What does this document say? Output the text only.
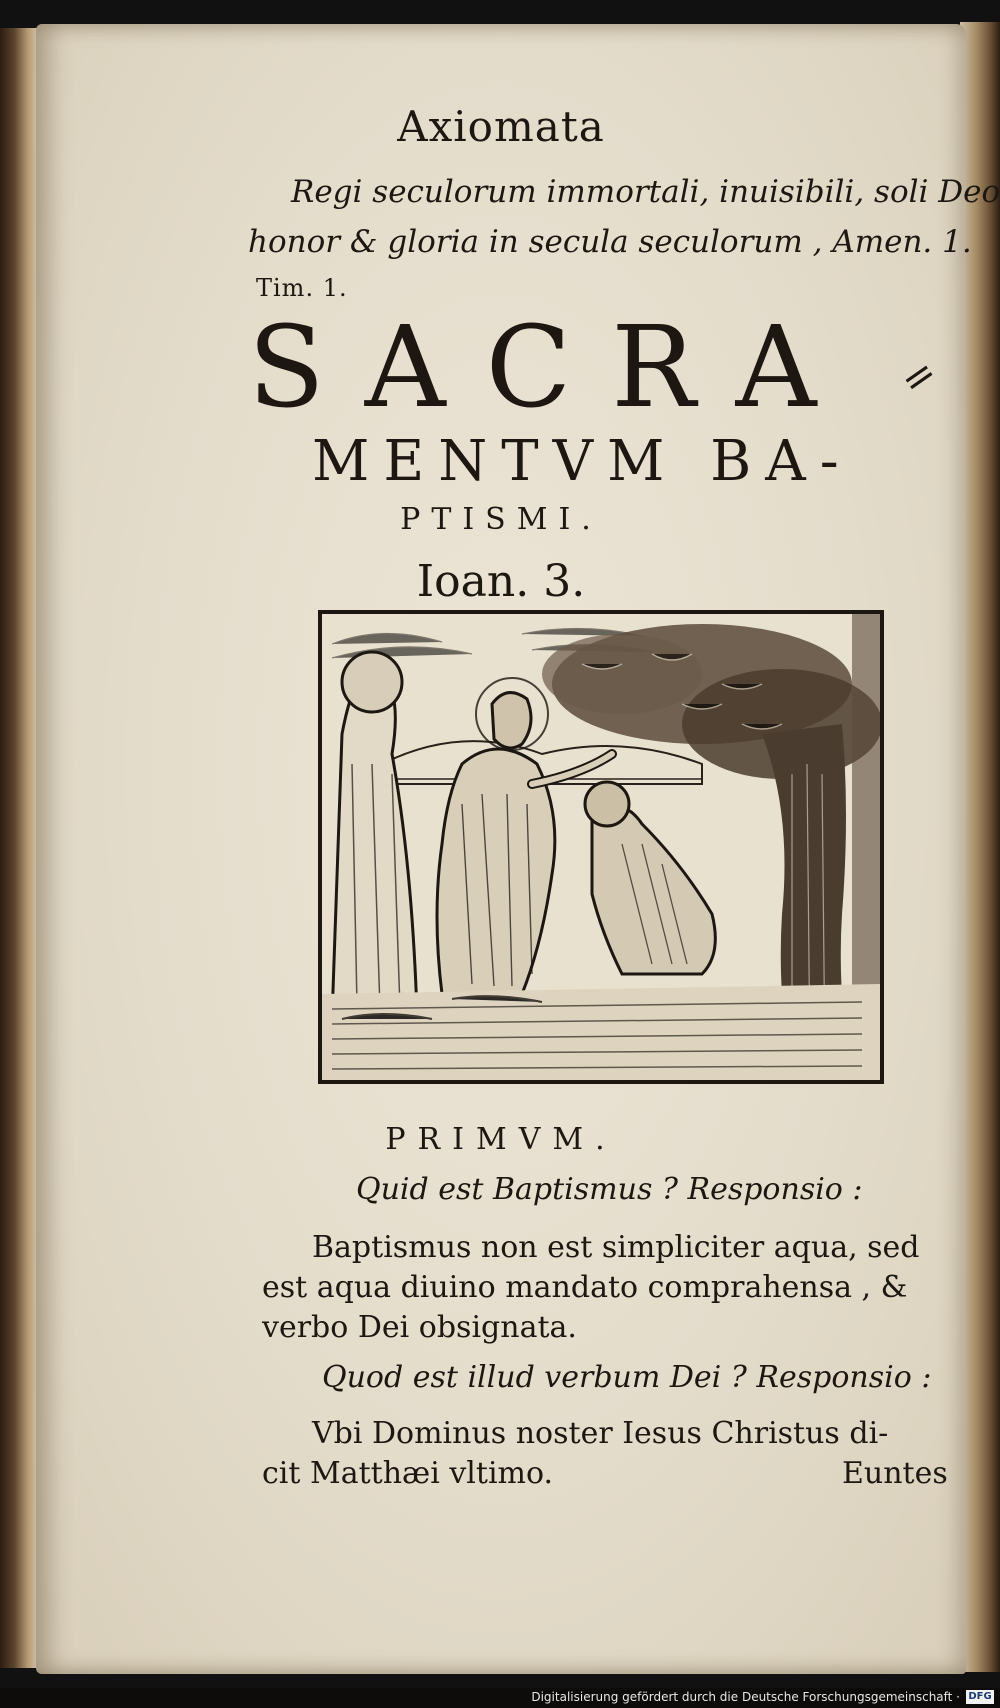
Axiomata
Regi seculorum immortali, inuisibili, soli Deo
honor & gloria in secula seculorum , Amen. 1.
Tim. 1.
SACRA =
MENTVM BA-
PTISMI.
Ioan. 3.
PRIMVM.
Quid est Baptismus ? Responsio :
Baptismus non est simpliciter aqua, sed
est aqua diuino mandato comprahensa , &
verbo Dei obsignata.
Quod est illud verbum Dei ? Responsio :
Vbi Dominus noster Iesus Christus di-
cit Matthæi vltimo.	Euntes
Digitalisierung gefördert durch die Deutsche Forschungsgemeinschaft · DFG
